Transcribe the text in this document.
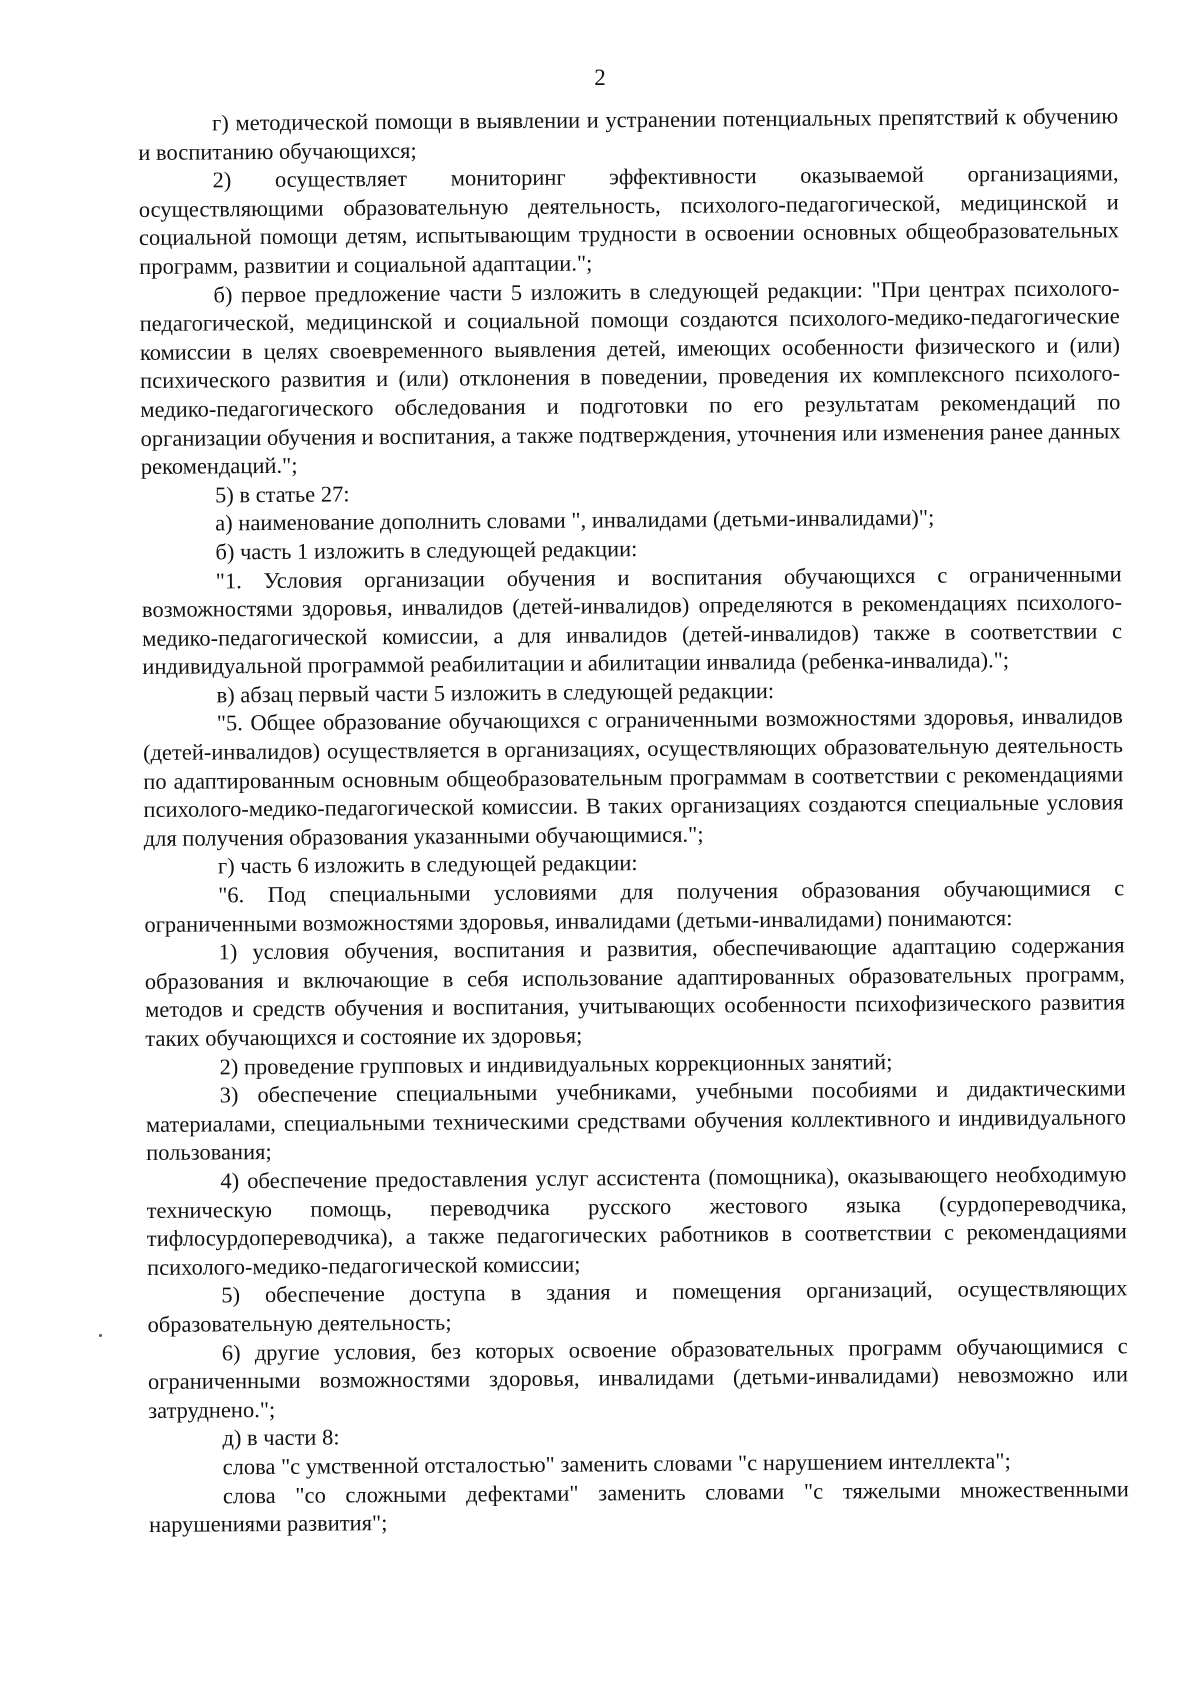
2

г) методической помощи в выявлении и устранении потенциальных препятствий к обучению и воспитанию обучающихся;

2) осуществляет мониторинг эффективности оказываемой организациями, осуществляющими образовательную деятельность, психолого-педагогической, медицинской и социальной помощи детям, испытывающим трудности в освоении основных общеобразовательных программ, развитии и социальной адаптации.";

б) первое предложение части 5 изложить в следующей редакции: "При центрах психолого-педагогической, медицинской и социальной помощи создаются психолого-медико-педагогические комиссии в целях своевременного выявления детей, имеющих особенности физического и (или) психического развития и (или) отклонения в поведении, проведения их комплексного психолого-медико-педагогического обследования и подготовки по его результатам рекомендаций по организации обучения и воспитания, а также подтверждения, уточнения или изменения ранее данных рекомендаций.";

5) в статье 27:

а) наименование дополнить словами ", инвалидами (детьми-инвалидами)";

б) часть 1 изложить в следующей редакции:

"1. Условия организации обучения и воспитания обучающихся с ограниченными возможностями здоровья, инвалидов (детей-инвалидов) определяются в рекомендациях психолого-медико-педагогической комиссии, а для инвалидов (детей-инвалидов) также в соответствии с индивидуальной программой реабилитации и абилитации инвалида (ребенка-инвалида).";

в) абзац первый части 5 изложить в следующей редакции:

"5. Общее образование обучающихся с ограниченными возможностями здоровья, инвалидов (детей-инвалидов) осуществляется в организациях, осуществляющих образовательную деятельность по адаптированным основным общеобразовательным программам в соответствии с рекомендациями психолого-медико-педагогической комиссии. В таких организациях создаются специальные условия для получения образования указанными обучающимися.";

г) часть 6 изложить в следующей редакции:

"6. Под специальными условиями для получения образования обучающимися с ограниченными возможностями здоровья, инвалидами (детьми-инвалидами) понимаются:

1) условия обучения, воспитания и развития, обеспечивающие адаптацию содержания образования и включающие в себя использование адаптированных образовательных программ, методов и средств обучения и воспитания, учитывающих особенности психофизического развития таких обучающихся и состояние их здоровья;

2) проведение групповых и индивидуальных коррекционных занятий;

3) обеспечение специальными учебниками, учебными пособиями и дидактическими материалами, специальными техническими средствами обучения коллективного и индивидуального пользования;

4) обеспечение предоставления услуг ассистента (помощника), оказывающего необходимую техническую помощь, переводчика русского жестового языка (сурдопереводчика, тифлосурдопереводчика), а также педагогических работников в соответствии с рекомендациями психолого-медико-педагогической комиссии;

5) обеспечение доступа в здания и помещения организаций, осуществляющих образовательную деятельность;

6) другие условия, без которых освоение образовательных программ обучающимися с ограниченными возможностями здоровья, инвалидами (детьми-инвалидами) невозможно или затруднено.";

д) в части 8:

слова "с умственной отсталостью" заменить словами "с нарушением интеллекта";

слова "со сложными дефектами" заменить словами "с тяжелыми множественными нарушениями развития";
